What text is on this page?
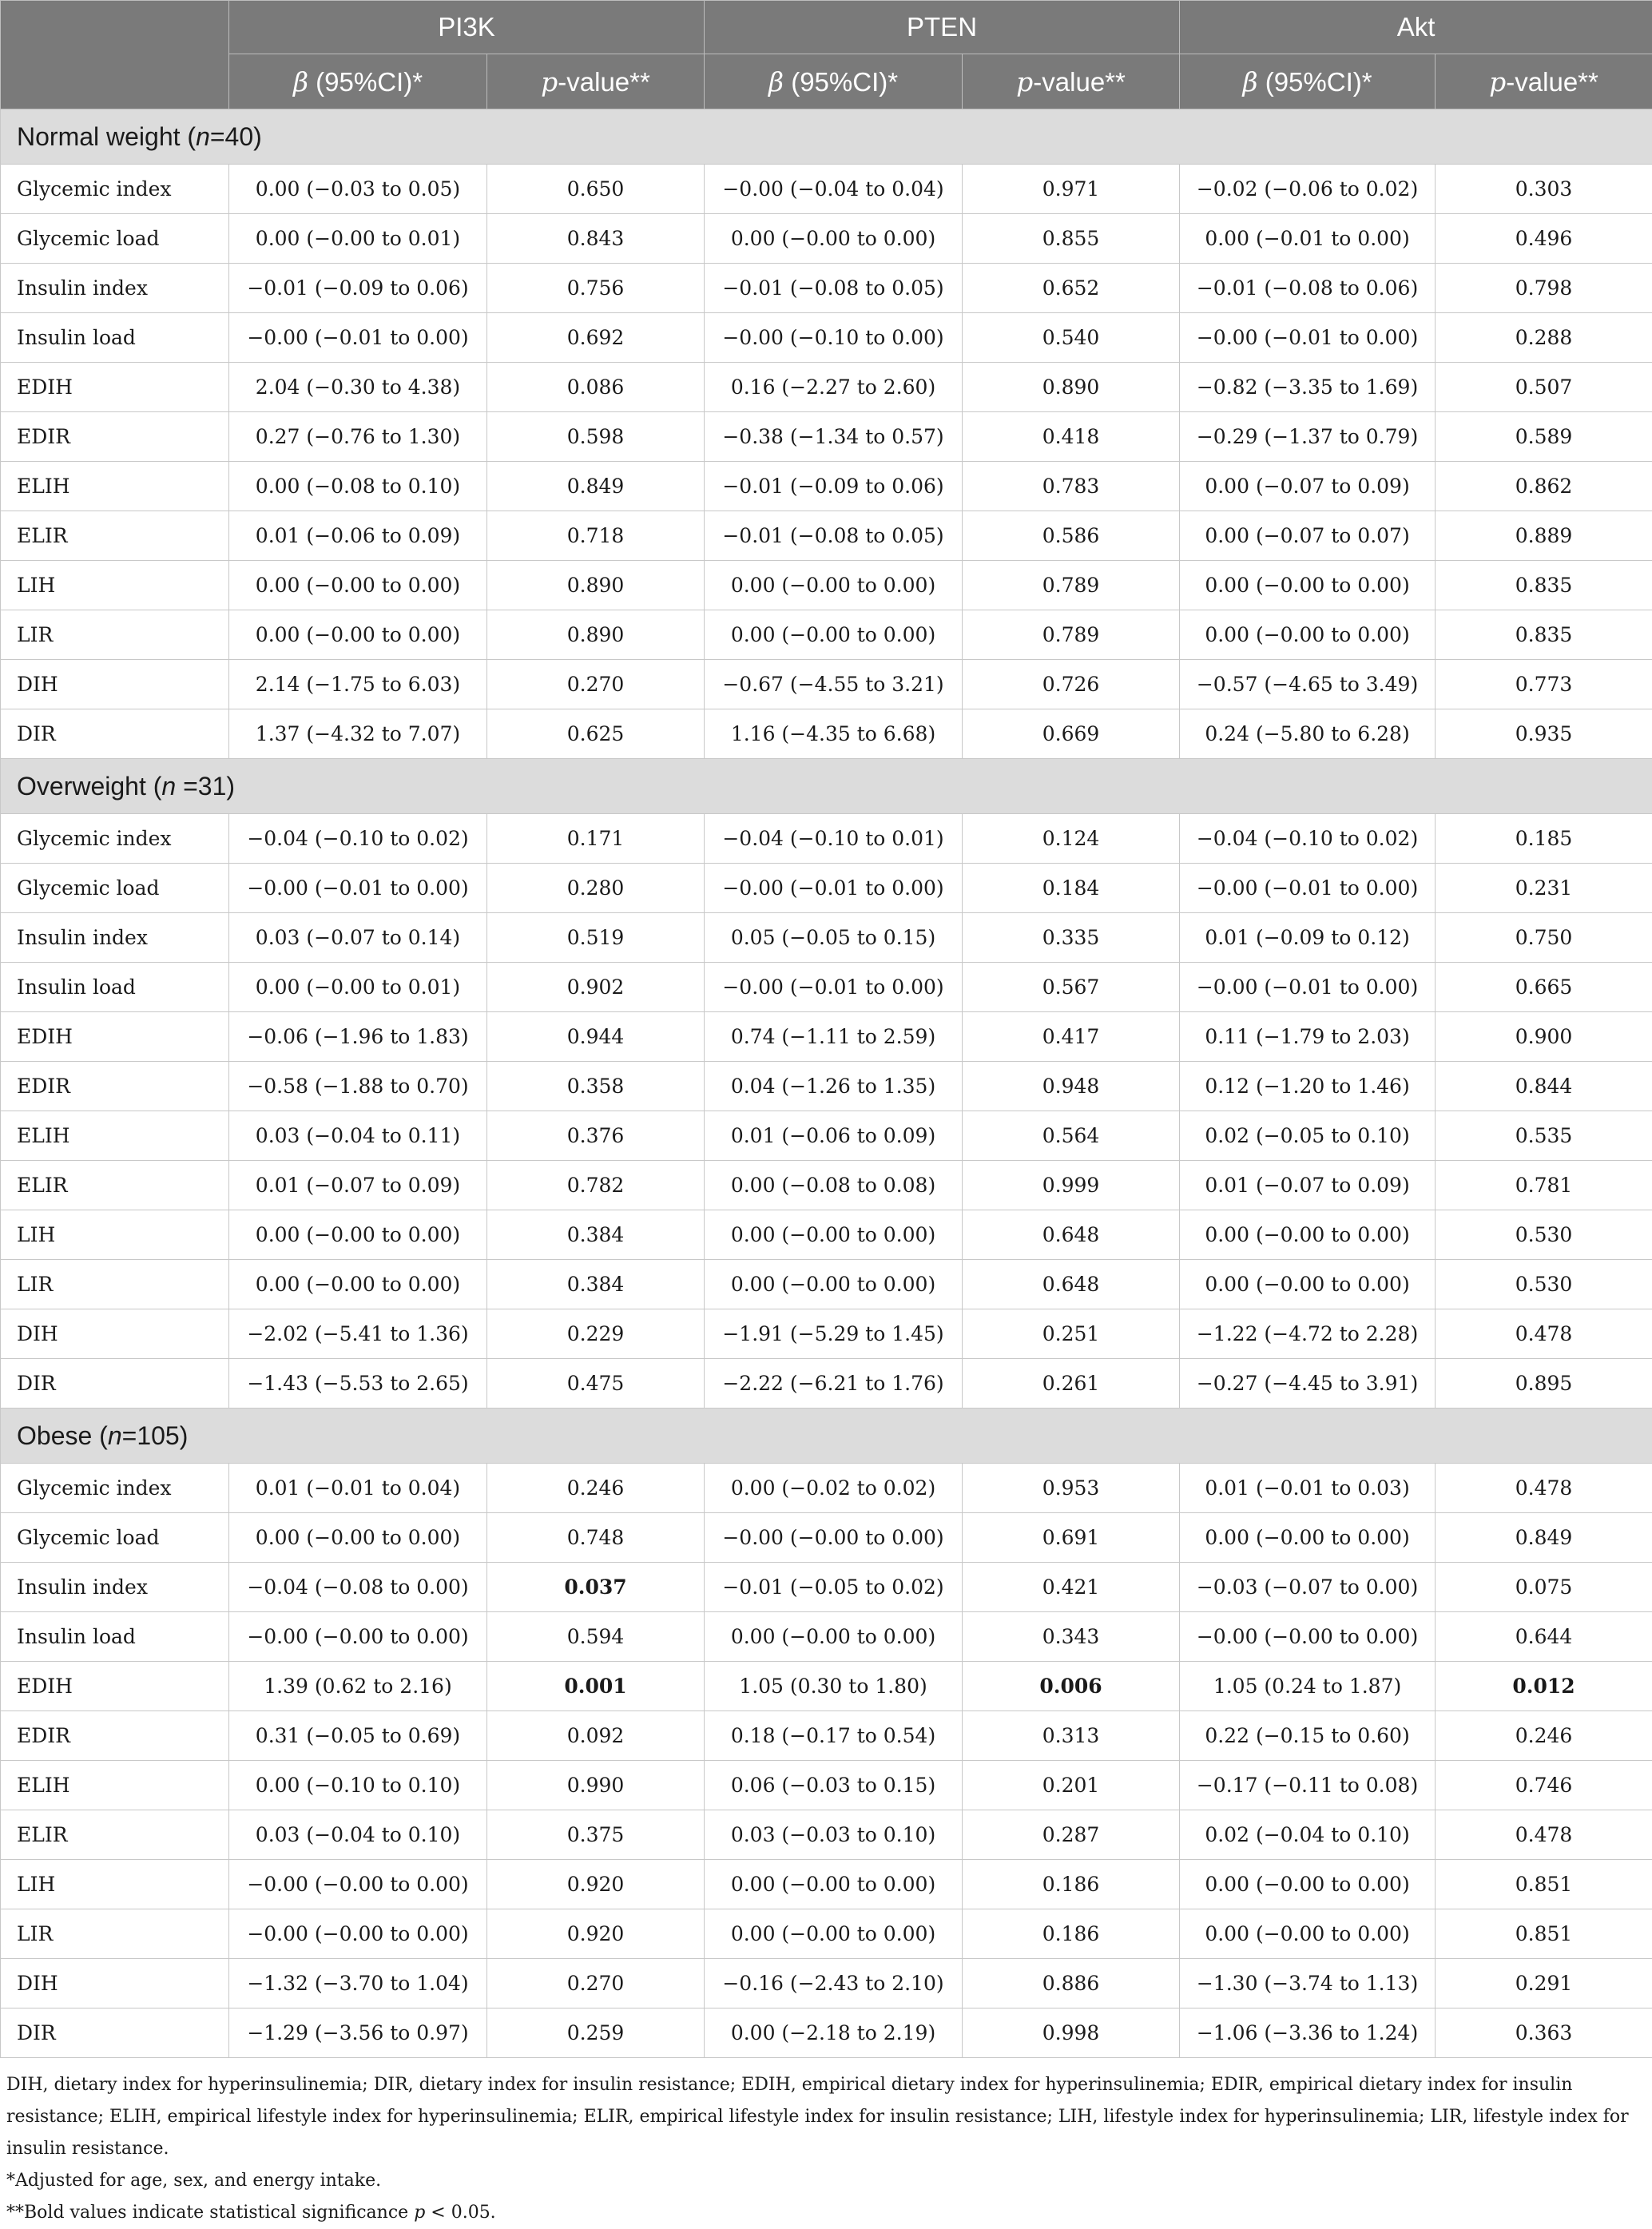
	PI3K		PTEN		Akt	
	β (95%CI)*	p-value**	β (95%CI)*	p-value**	β (95%CI)*	p-value**
Normal weight (n=40)						
Glycemic index	0.00 (−0.03 to 0.05)	0.650	−0.00 (−0.04 to 0.04)	0.971	−0.02 (−0.06 to 0.02)	0.303
Glycemic load	0.00 (−0.00 to 0.01)	0.843	0.00 (−0.00 to 0.00)	0.855	0.00 (−0.01 to 0.00)	0.496
Insulin index	−0.01 (−0.09 to 0.06)	0.756	−0.01 (−0.08 to 0.05)	0.652	−0.01 (−0.08 to 0.06)	0.798
Insulin load	−0.00 (−0.01 to 0.00)	0.692	−0.00 (−0.10 to 0.00)	0.540	−0.00 (−0.01 to 0.00)	0.288
EDIH	2.04 (−0.30 to 4.38)	0.086	0.16 (−2.27 to 2.60)	0.890	−0.82 (−3.35 to 1.69)	0.507
EDIR	0.27 (−0.76 to 1.30)	0.598	−0.38 (−1.34 to 0.57)	0.418	−0.29 (−1.37 to 0.79)	0.589
ELIH	0.00 (−0.08 to 0.10)	0.849	−0.01 (−0.09 to 0.06)	0.783	0.00 (−0.07 to 0.09)	0.862
ELIR	0.01 (−0.06 to 0.09)	0.718	−0.01 (−0.08 to 0.05)	0.586	0.00 (−0.07 to 0.07)	0.889
LIH	0.00 (−0.00 to 0.00)	0.890	0.00 (−0.00 to 0.00)	0.789	0.00 (−0.00 to 0.00)	0.835
LIR	0.00 (−0.00 to 0.00)	0.890	0.00 (−0.00 to 0.00)	0.789	0.00 (−0.00 to 0.00)	0.835
DIH	2.14 (−1.75 to 6.03)	0.270	−0.67 (−4.55 to 3.21)	0.726	−0.57 (−4.65 to 3.49)	0.773
DIR	1.37 (−4.32 to 7.07)	0.625	1.16 (−4.35 to 6.68)	0.669	0.24 (−5.80 to 6.28)	0.935
Overweight (n =31)						
Glycemic index	−0.04 (−0.10 to 0.02)	0.171	−0.04 (−0.10 to 0.01)	0.124	−0.04 (−0.10 to 0.02)	0.185
Glycemic load	−0.00 (−0.01 to 0.00)	0.280	−0.00 (−0.01 to 0.00)	0.184	−0.00 (−0.01 to 0.00)	0.231
Insulin index	0.03 (−0.07 to 0.14)	0.519	0.05 (−0.05 to 0.15)	0.335	0.01 (−0.09 to 0.12)	0.750
Insulin load	0.00 (−0.00 to 0.01)	0.902	−0.00 (−0.01 to 0.00)	0.567	−0.00 (−0.01 to 0.00)	0.665
EDIH	−0.06 (−1.96 to 1.83)	0.944	0.74 (−1.11 to 2.59)	0.417	0.11 (−1.79 to 2.03)	0.900
EDIR	−0.58 (−1.88 to 0.70)	0.358	0.04 (−1.26 to 1.35)	0.948	0.12 (−1.20 to 1.46)	0.844
ELIH	0.03 (−0.04 to 0.11)	0.376	0.01 (−0.06 to 0.09)	0.564	0.02 (−0.05 to 0.10)	0.535
ELIR	0.01 (−0.07 to 0.09)	0.782	0.00 (−0.08 to 0.08)	0.999	0.01 (−0.07 to 0.09)	0.781
LIH	0.00 (−0.00 to 0.00)	0.384	0.00 (−0.00 to 0.00)	0.648	0.00 (−0.00 to 0.00)	0.530
LIR	0.00 (−0.00 to 0.00)	0.384	0.00 (−0.00 to 0.00)	0.648	0.00 (−0.00 to 0.00)	0.530
DIH	−2.02 (−5.41 to 1.36)	0.229	−1.91 (−5.29 to 1.45)	0.251	−1.22 (−4.72 to 2.28)	0.478
DIR	−1.43 (−5.53 to 2.65)	0.475	−2.22 (−6.21 to 1.76)	0.261	−0.27 (−4.45 to 3.91)	0.895
Obese (n=105)						
Glycemic index	0.01 (−0.01 to 0.04)	0.246	0.00 (−0.02 to 0.02)	0.953	0.01 (−0.01 to 0.03)	0.478
Glycemic load	0.00 (−0.00 to 0.00)	0.748	−0.00 (−0.00 to 0.00)	0.691	0.00 (−0.00 to 0.00)	0.849
Insulin index	−0.04 (−0.08 to 0.00)	0.037	−0.01 (−0.05 to 0.02)	0.421	−0.03 (−0.07 to 0.00)	0.075
Insulin load	−0.00 (−0.00 to 0.00)	0.594	0.00 (−0.00 to 0.00)	0.343	−0.00 (−0.00 to 0.00)	0.644
EDIH	1.39 (0.62 to 2.16)	0.001	1.05 (0.30 to 1.80)	0.006	1.05 (0.24 to 1.87)	0.012
EDIR	0.31 (−0.05 to 0.69)	0.092	0.18 (−0.17 to 0.54)	0.313	0.22 (−0.15 to 0.60)	0.246
ELIH	0.00 (−0.10 to 0.10)	0.990	0.06 (−0.03 to 0.15)	0.201	−0.17 (−0.11 to 0.08)	0.746
ELIR	0.03 (−0.04 to 0.10)	0.375	0.03 (−0.03 to 0.10)	0.287	0.02 (−0.04 to 0.10)	0.478
LIH	−0.00 (−0.00 to 0.00)	0.920	0.00 (−0.00 to 0.00)	0.186	0.00 (−0.00 to 0.00)	0.851
LIR	−0.00 (−0.00 to 0.00)	0.920	0.00 (−0.00 to 0.00)	0.186	0.00 (−0.00 to 0.00)	0.851
DIH	−1.32 (−3.70 to 1.04)	0.270	−0.16 (−2.43 to 2.10)	0.886	−1.30 (−3.74 to 1.13)	0.291
DIR	−1.29 (−3.56 to 0.97)	0.259	0.00 (−2.18 to 2.19)	0.998	−1.06 (−3.36 to 1.24)	0.363

DIH, dietary index for hyperinsulinemia; DIR, dietary index for insulin resistance; EDIH, empirical dietary index for hyperinsulinemia; EDIR, empirical dietary index for insulin resistance; ELIH, empirical lifestyle index for hyperinsulinemia; ELIR, empirical lifestyle index for insulin resistance; LIH, lifestyle index for hyperinsulinemia; LIR, lifestyle index for insulin resistance.

*Adjusted for age, sex, and energy intake.

**Bold values indicate statistical significance p < 0.05.
